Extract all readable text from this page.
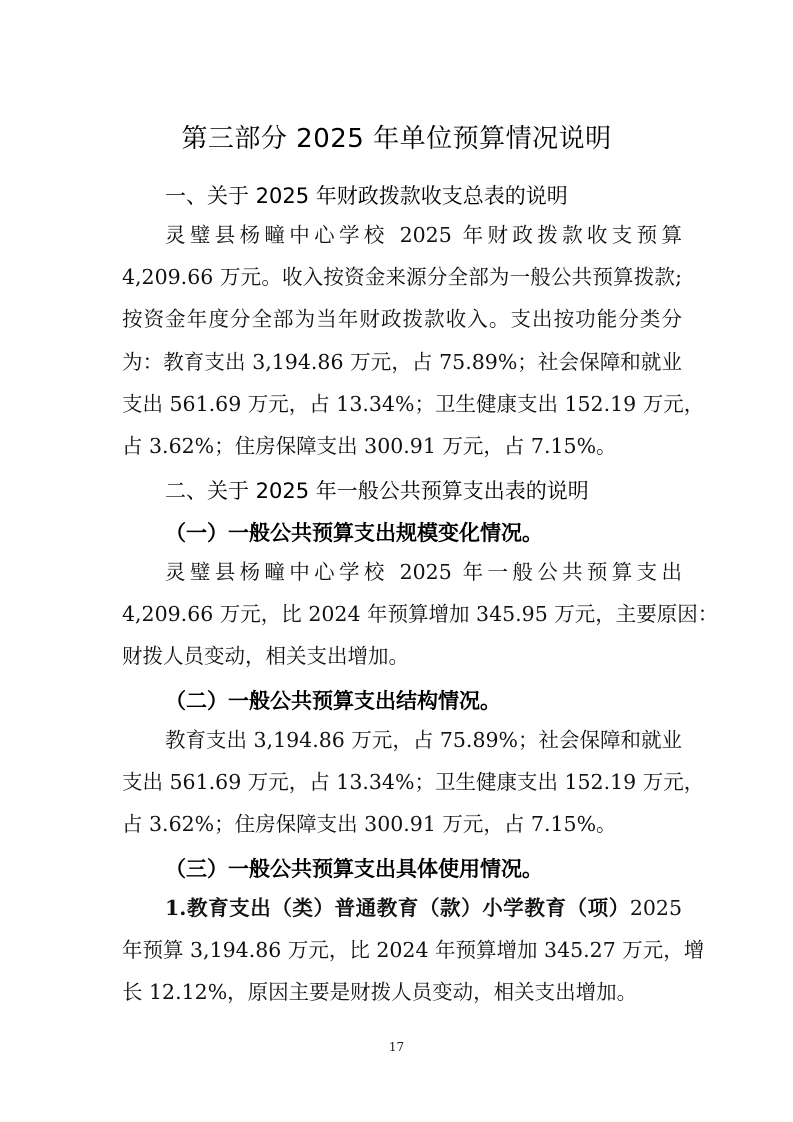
第三部分 2025 年单位预算情况说明
一、关于 2025 年财政拨款收支总表的说明
灵璧县杨疃中心学校 2025 年财政拨款收支预算
4,209.66 万元。收入按资金来源分全部为一般公共预算拨款;
按资金年度分全部为当年财政拨款收入。支出按功能分类分
为：教育支出 3,194.86 万元，占 75.89%；社会保障和就业
支出 561.69 万元，占 13.34%；卫生健康支出 152.19 万元，
占 3.62%；住房保障支出 300.91 万元，占 7.15%。
二、关于 2025 年一般公共预算支出表的说明
（一）一般公共预算支出规模变化情况。
灵璧县杨疃中心学校 2025 年一般公共预算支出
4,209.66 万元，比 2024 年预算增加 345.95 万元，主要原因：
财拨人员变动，相关支出增加。
（二）一般公共预算支出结构情况。
教育支出 3,194.86 万元，占 75.89%；社会保障和就业
支出 561.69 万元，占 13.34%；卫生健康支出 152.19 万元，
占 3.62%；住房保障支出 300.91 万元，占 7.15%。
（三）一般公共预算支出具体使用情况。
1.教育支出（类）普通教育（款）小学教育（项）2025
年预算 3,194.86 万元，比 2024 年预算增加 345.27 万元，增
长 12.12%，原因主要是财拨人员变动，相关支出增加。
17
